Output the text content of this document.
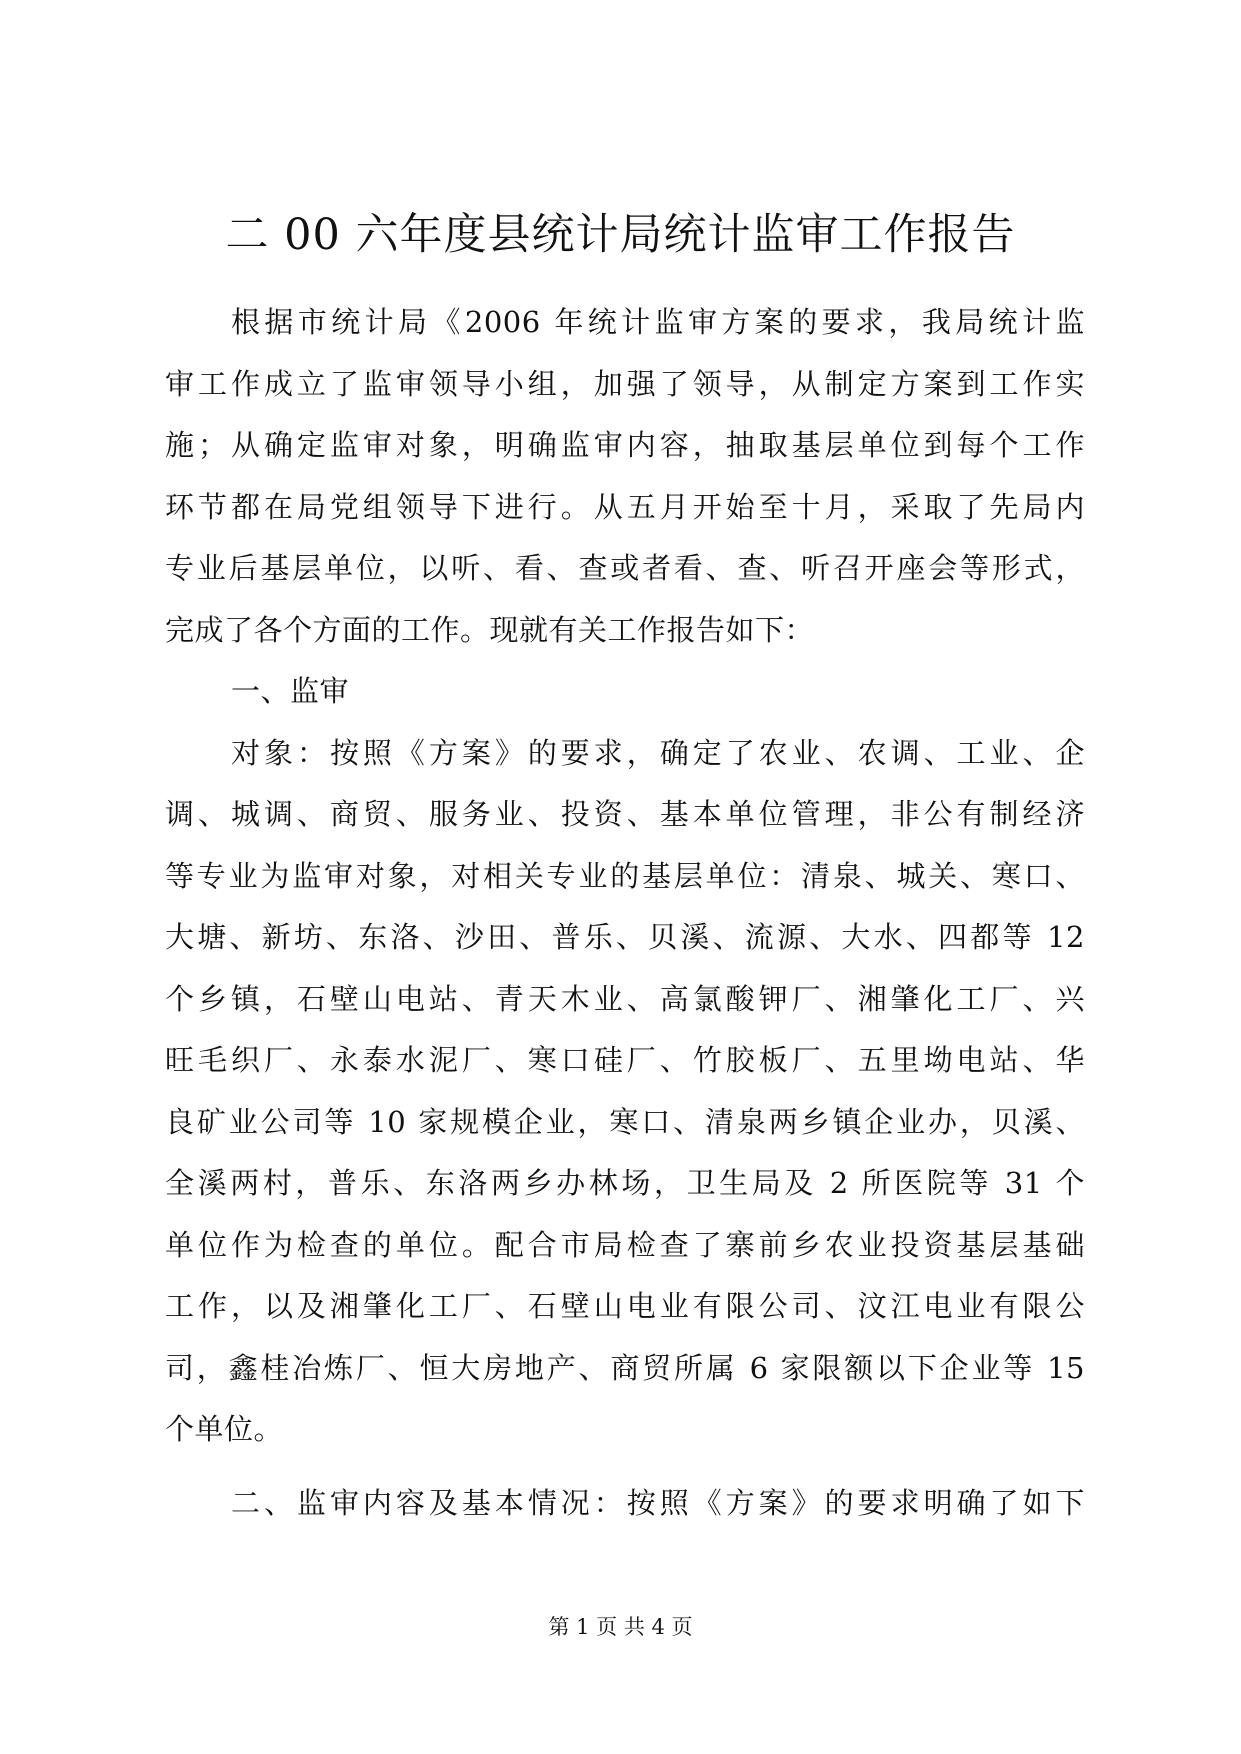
二 00 六年度县统计局统计监审工作报告
根据市统计局《2006 年统计监审方案的要求，我局统计监
审工作成立了监审领导小组，加强了领导，从制定方案到工作实
施；从确定监审对象，明确监审内容，抽取基层单位到每个工作
环节都在局党组领导下进行。从五月开始至十月，采取了先局内
专业后基层单位，以听、看、查或者看、查、听召开座会等形式，
完成了各个方面的工作。现就有关工作报告如下：
一、监审
对象：按照《方案》的要求，确定了农业、农调、工业、企
调、城调、商贸、服务业、投资、基本单位管理，非公有制经济
等专业为监审对象，对相关专业的基层单位：清泉、城关、寒口、
大塘、新坊、东洛、沙田、普乐、贝溪、流源、大水、四都等 12
个乡镇，石壁山电站、青天木业、高氯酸钾厂、湘肇化工厂、兴
旺毛织厂、永泰水泥厂、寒口硅厂、竹胶板厂、五里坳电站、华
良矿业公司等 10 家规模企业，寒口、清泉两乡镇企业办，贝溪、
全溪两村，普乐、东洛两乡办林场，卫生局及 2 所医院等 31 个
单位作为检查的单位。配合市局检查了寨前乡农业投资基层基础
工作，以及湘肇化工厂、石壁山电业有限公司、汶江电业有限公
司，鑫桂冶炼厂、恒大房地产、商贸所属 6 家限额以下企业等 15
个单位。
二、监审内容及基本情况：按照《方案》的要求明确了如下
第 1 页 共 4 页
